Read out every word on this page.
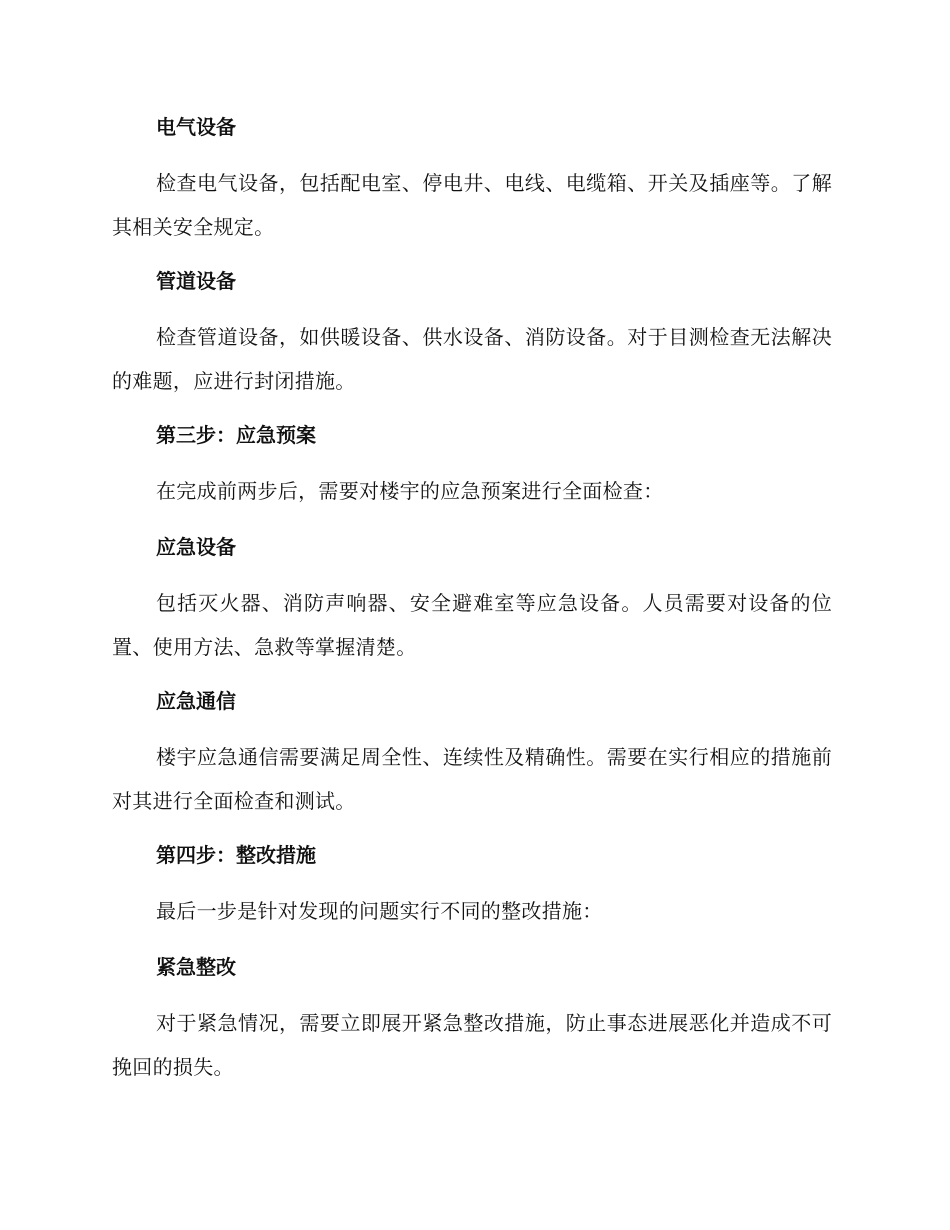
电气设备

检查电气设备，包括配电室、停电井、电线、电缆箱、开关及插座等。了解其相关安全规定。

管道设备

检查管道设备，如供暖设备、供水设备、消防设备。对于目测检查无法解决的难题，应进行封闭措施。

第三步：应急预案

在完成前两步后，需要对楼宇的应急预案进行全面检查：

应急设备

包括灭火器、消防声响器、安全避难室等应急设备。人员需要对设备的位置、使用方法、急救等掌握清楚。

应急通信

楼宇应急通信需要满足周全性、连续性及精确性。需要在实行相应的措施前对其进行全面检查和测试。

第四步：整改措施

最后一步是针对发现的问题实行不同的整改措施：

紧急整改

对于紧急情况，需要立即展开紧急整改措施，防止事态进展恶化并造成不可挽回的损失。
